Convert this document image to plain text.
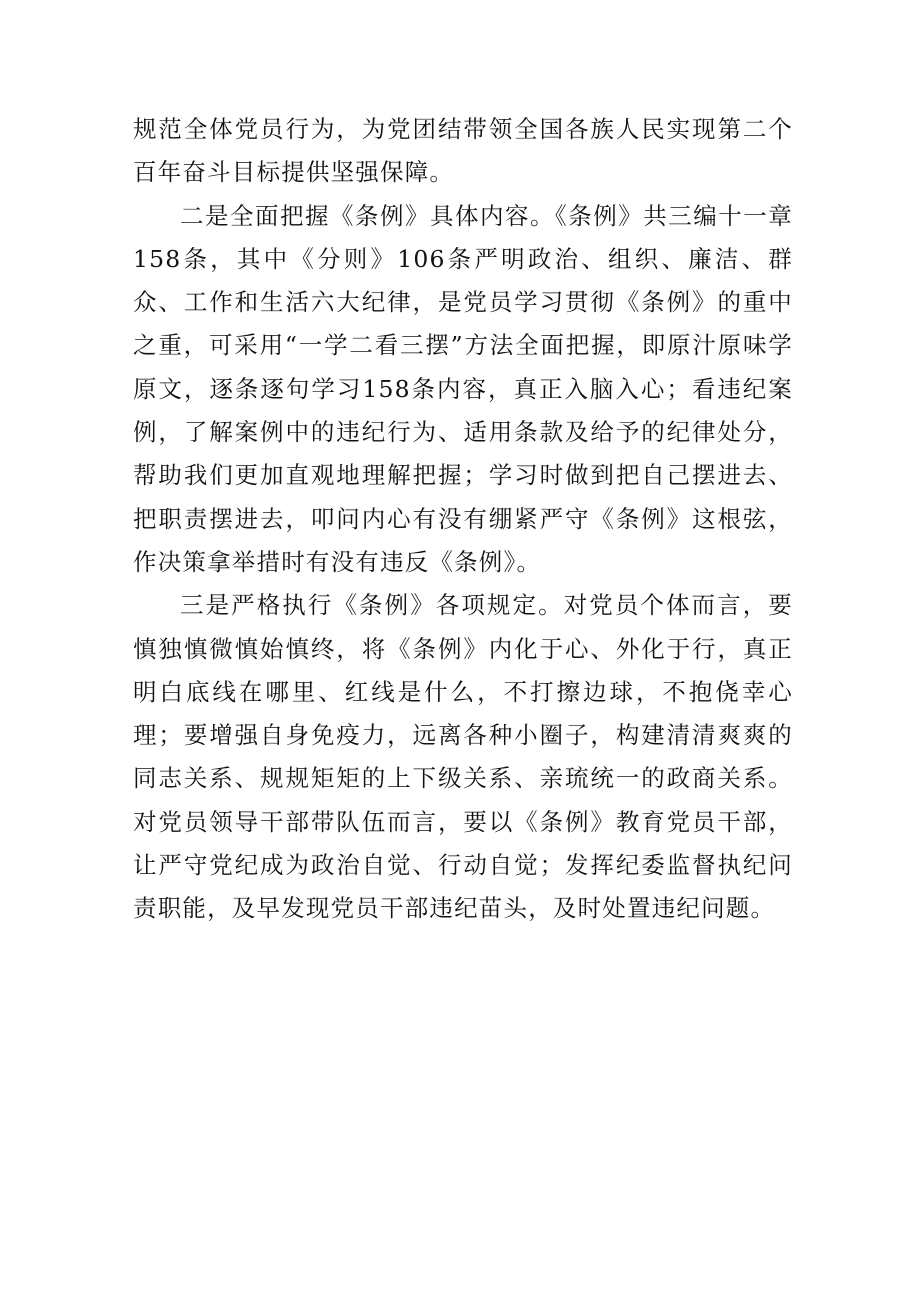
规范全体党员行为，为党团结带领全国各族人民实现第二个百年奋斗目标提供坚强保障。

二是全面把握《条例》具体内容。《条例》共三编十一章158条，其中《分则》106条严明政治、组织、廉洁、群众、工作和生活六大纪律，是党员学习贯彻《条例》的重中之重，可采用“一学二看三摆”方法全面把握，即原汁原味学原文，逐条逐句学习158条内容，真正入脑入心；看违纪案例，了解案例中的违纪行为、适用条款及给予的纪律处分，帮助我们更加直观地理解把握；学习时做到把自己摆进去、把职责摆进去，叩问内心有没有绷紧严守《条例》这根弦，作决策拿举措时有没有违反《条例》。

三是严格执行《条例》各项规定。对党员个体而言，要慎独慎微慎始慎终，将《条例》内化于心、外化于行，真正明白底线在哪里、红线是什么，不打擦边球，不抱侥幸心理；要增强自身免疫力，远离各种小圈子，构建清清爽爽的同志关系、规规矩矩的上下级关系、亲琉统一的政商关系。对党员领导干部带队伍而言，要以《条例》教育党员干部，让严守党纪成为政治自觉、行动自觉；发挥纪委监督执纪问责职能，及早发现党员干部违纪苗头，及时处置违纪问题。
